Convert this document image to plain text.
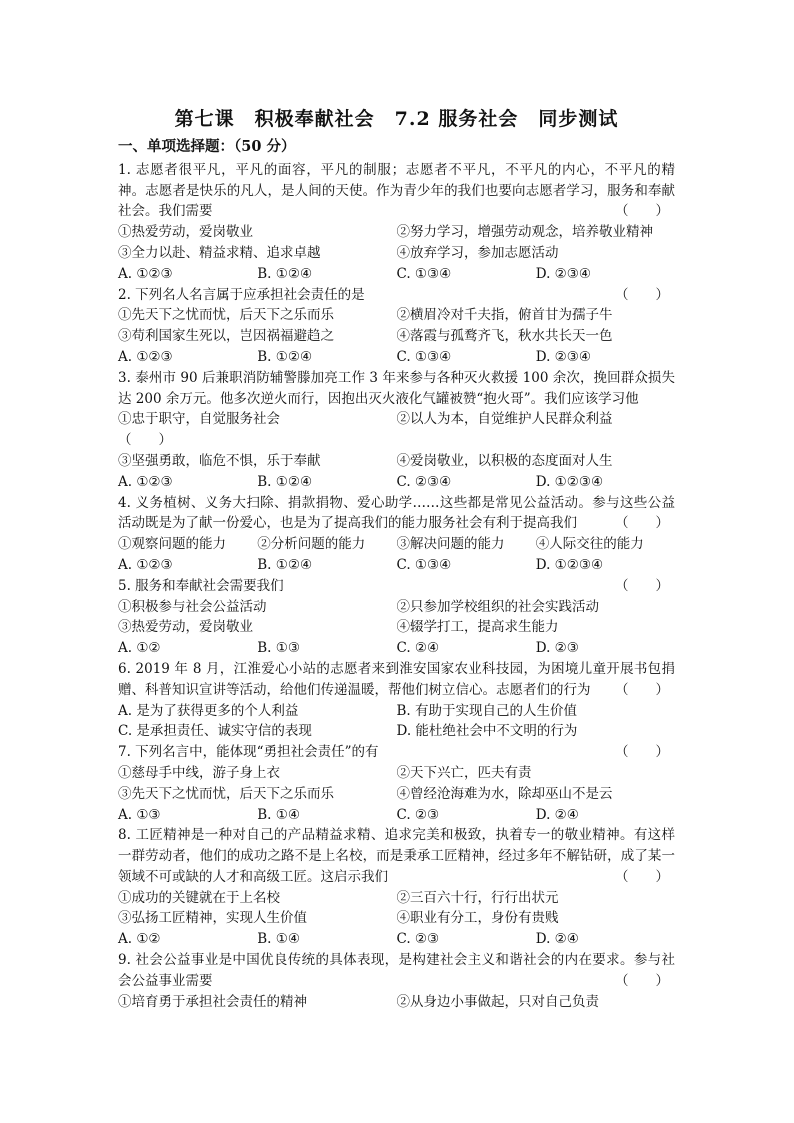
第七课　积极奉献社会　7.2 服务社会　同步测试
一、单项选择题：（50 分）
1. 志愿者很平凡，平凡的面容，平凡的制服；志愿者不平凡，不平凡的内心，不平凡的精神。志愿者是快乐的凡人，是人间的天使。作为青少年的我们也要向志愿者学习，服务和奉献社会。我们需要	（　　）
①热爱劳动，爱岗敬业	②努力学习，增强劳动观念，培养敬业精神
③全力以赴、精益求精、追求卓越	④放弃学习，参加志愿活动
A. ①②③	B. ①②④	C. ①③④	D. ②③④
2. 下列名人名言属于应承担社会责任的是	（　　）
①先天下之忧而忧，后天下之乐而乐	②横眉冷对千夫指，俯首甘为孺子牛
③苟利国家生死以，岂因祸福避趋之	④落霞与孤鹜齐飞，秋水共长天一色
A. ①②③	B. ①②④	C. ①③④	D. ②③④
3. 泰州市 90 后兼职消防辅警滕加亮工作 3 年来参与各种灭火救援 100 余次，挽回群众损失达 200 余万元。他多次逆火而行，因抱出灭火液化气罐被赞“抱火哥”。我们应该学习他
①忠于职守，自觉服务社会	②以人为本，自觉维护人民群众利益
（　　）
③坚强勇敢，临危不惧，乐于奉献	④爱岗敬业，以积极的态度面对人生
A. ①②③	B. ①②④	C. ②③④	D. ①②③④
4. 义务植树、义务大扫除、捐款捐物、爱心助学……这些都是常见公益活动。参与这些公益活动既是为了献一份爱心，也是为了提高我们的能力服务社会有利于提高我们	（　　）
①观察问题的能力	②分析问题的能力	③解决问题的能力	④人际交往的能力
A. ①②③	B. ①②④	C. ①③④	D. ①②③④
5. 服务和奉献社会需要我们	（　　）
①积极参与社会公益活动	②只参加学校组织的社会实践活动
③热爱劳动，爱岗敬业	④辍学打工，提高求生能力
A. ①②	B. ①③	C. ②④	D. ②③
6. 2019 年 8 月，江淮爱心小站的志愿者来到淮安国家农业科技园，为困境儿童开展书包捐赠、科普知识宣讲等活动，给他们传递温暖，帮他们树立信心。志愿者们的行为 （　　）
A. 是为了获得更多的个人利益	B. 有助于实现自己的人生价值
C. 是承担责任、诚实守信的表现	D. 能杜绝社会中不文明的行为
7. 下列名言中，能体现“勇担社会责任”的有	（　　）
①慈母手中线，游子身上衣	②天下兴亡，匹夫有责
③先天下之忧而忧，后天下之乐而乐	④曾经沧海难为水，除却巫山不是云
A. ①③	B. ①④	C. ②③	D. ②④
8. 工匠精神是一种对自己的产品精益求精、追求完美和极致，执着专一的敬业精神。有这样一群劳动者，他们的成功之路不是上名校，而是秉承工匠精神，经过多年不解钻研，成了某一领域不可或缺的人才和高级工匠。这启示我们	（　　）
①成功的关键就在于上名校	②三百六十行，行行出状元
③弘扬工匠精神，实现人生价值	④职业有分工，身份有贵贱
A. ①②	B. ①④	C. ②③	D. ②④
9. 社会公益事业是中国优良传统的具体表现，是构建社会主义和谐社会的内在要求。参与社会公益事业需要	（　　）
①培育勇于承担社会责任的精神	②从身边小事做起，只对自己负责
